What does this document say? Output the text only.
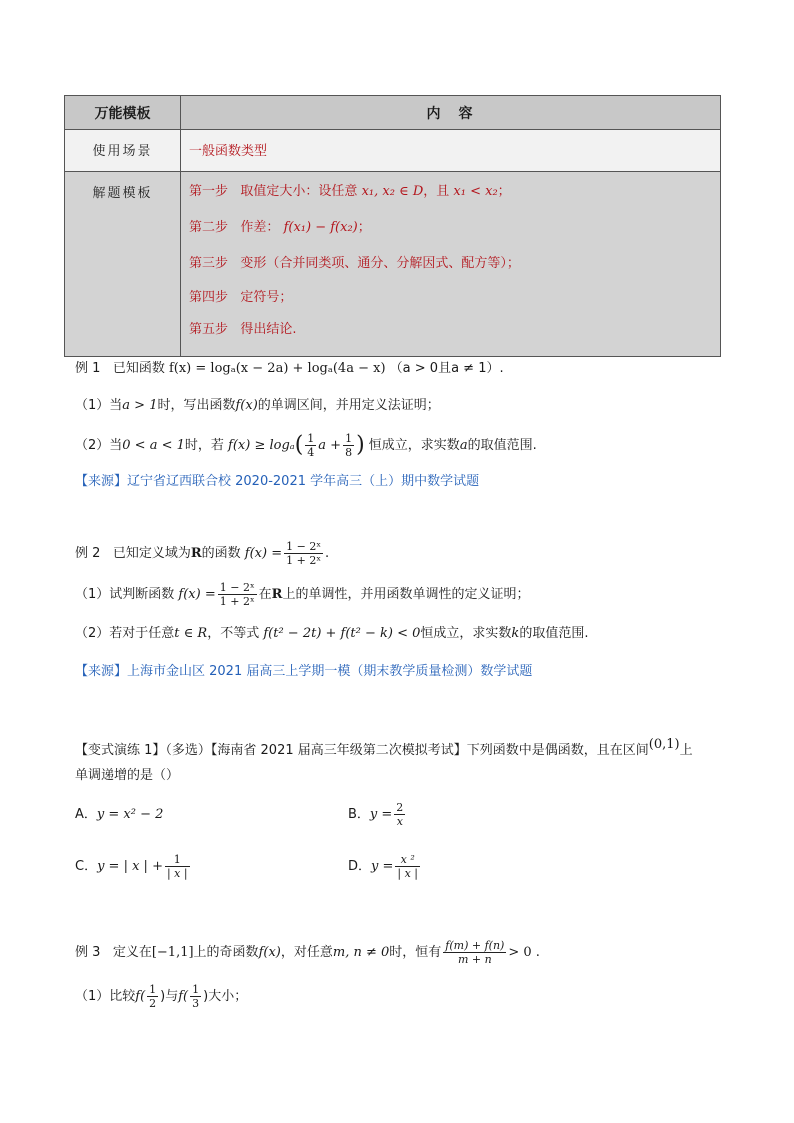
万能模板	内　容

使用场景	一般函数类型

解题模板	第一步 取值定大小：设任意 x₁, x₂ ∈ D，且 x₁ < x₂；
第二步 作差： f(x₁) − f(x₂)；
第三步 变形（合并同类项、通分、分解因式、配方等）；
第四步 定符号；
第五步 得出结论.
例 1 已知函数 f(x) = logₐ(x − 2a) + logₐ(4a − x) （a > 0且a ≠ 1）.
（1）当a > 1时，写出函数f(x)的单调区间，并用定义法证明；
（2）当0 < a < 1时，若 $f(x) \ge \log_a( \frac{1}{4}$ $a + \frac{1}{8}$ ) 恒成立，求实数a的取值范围.
【来源】辽宁省辽西联合校 2020-2021 学年高三（上）期中数学试题
例 2 已知定义域为R的函数 $f(x) = \frac{\text{1 − 2ˣ}}{\text{1 + 2ˣ}}$ .
（1）试判断函数 $f(x) = \frac{\text{1 − 2ˣ}}{\text{1 + 2ˣ}}$ 在R上的单调性，并用函数单调性的定义证明；
（2）若对于任意t ∈ R，不等式 f(t² − 2t) + f(t² − k) < 0恒成立，求实数k的取值范围.
【来源】上海市金山区 2021 届高三上学期一模（期末教学质量检测）数学试题
【变式演练 1】（多选）【海南省 2021 届高三年级第二次模拟考试】下列函数中是偶函数，且在区间(0,1)上
单调递增的是（）
A．y = x² − 2	B．$y = \frac{2}{x}$
C．y = | x | + $\frac{1}{| x |}$	D．$y = \frac{\text{x ²}}{| x |}$
例 3 定义在[−1,1]上的奇函数f(x)，对任意m, n ≠ 0时，恒有 $\frac{f(m) + f(n)}{m + n} > 0$ .
（1）比较$f( \frac{1}{2}$ )与$f( \frac{1}{3}$ )大小；
